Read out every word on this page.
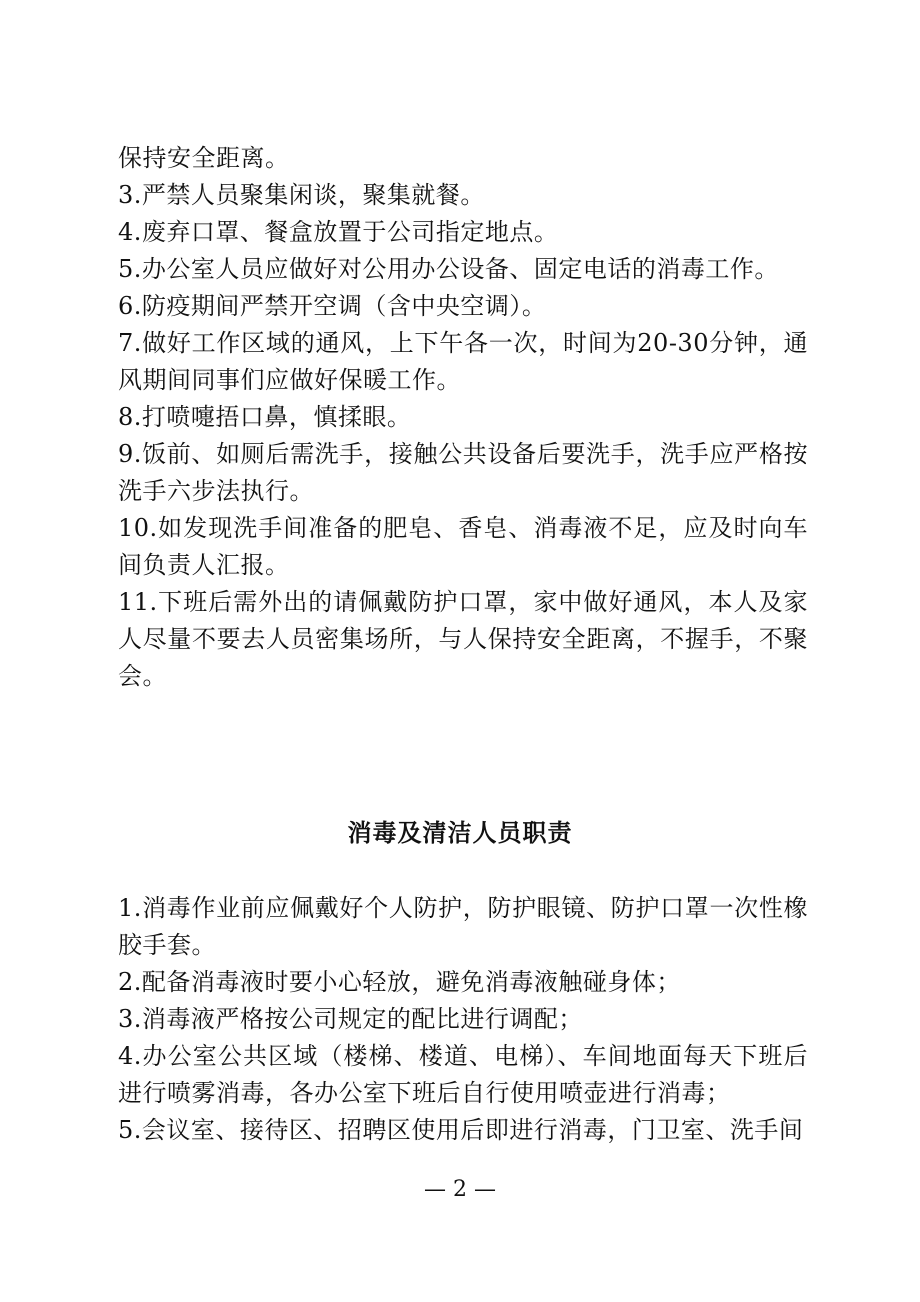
保持安全距离。

3.严禁人员聚集闲谈，聚集就餐。

4.废弃口罩、餐盒放置于公司指定地点。

5.办公室人员应做好对公用办公设备、固定电话的消毒工作。

6.防疫期间严禁开空调（含中央空调）。

7.做好工作区域的通风，上下午各一次，时间为20-30分钟，通风期间同事们应做好保暖工作。

8.打喷嚏捂口鼻，慎揉眼。

9.饭前、如厕后需洗手，接触公共设备后要洗手，洗手应严格按洗手六步法执行。

10.如发现洗手间准备的肥皂、香皂、消毒液不足，应及时向车间负责人汇报。

11.下班后需外出的请佩戴防护口罩，家中做好通风，本人及家人尽量不要去人员密集场所，与人保持安全距离，不握手，不聚会。

消毒及清洁人员职责

1.消毒作业前应佩戴好个人防护，防护眼镜、防护口罩一次性橡胶手套。

2.配备消毒液时要小心轻放，避免消毒液触碰身体；

3.消毒液严格按公司规定的配比进行调配；

4.办公室公共区域（楼梯、楼道、电梯）、车间地面每天下班后进行喷雾消毒，各办公室下班后自行使用喷壶进行消毒；

5.会议室、接待区、招聘区使用后即进行消毒，门卫室、洗手间

— 2 —
